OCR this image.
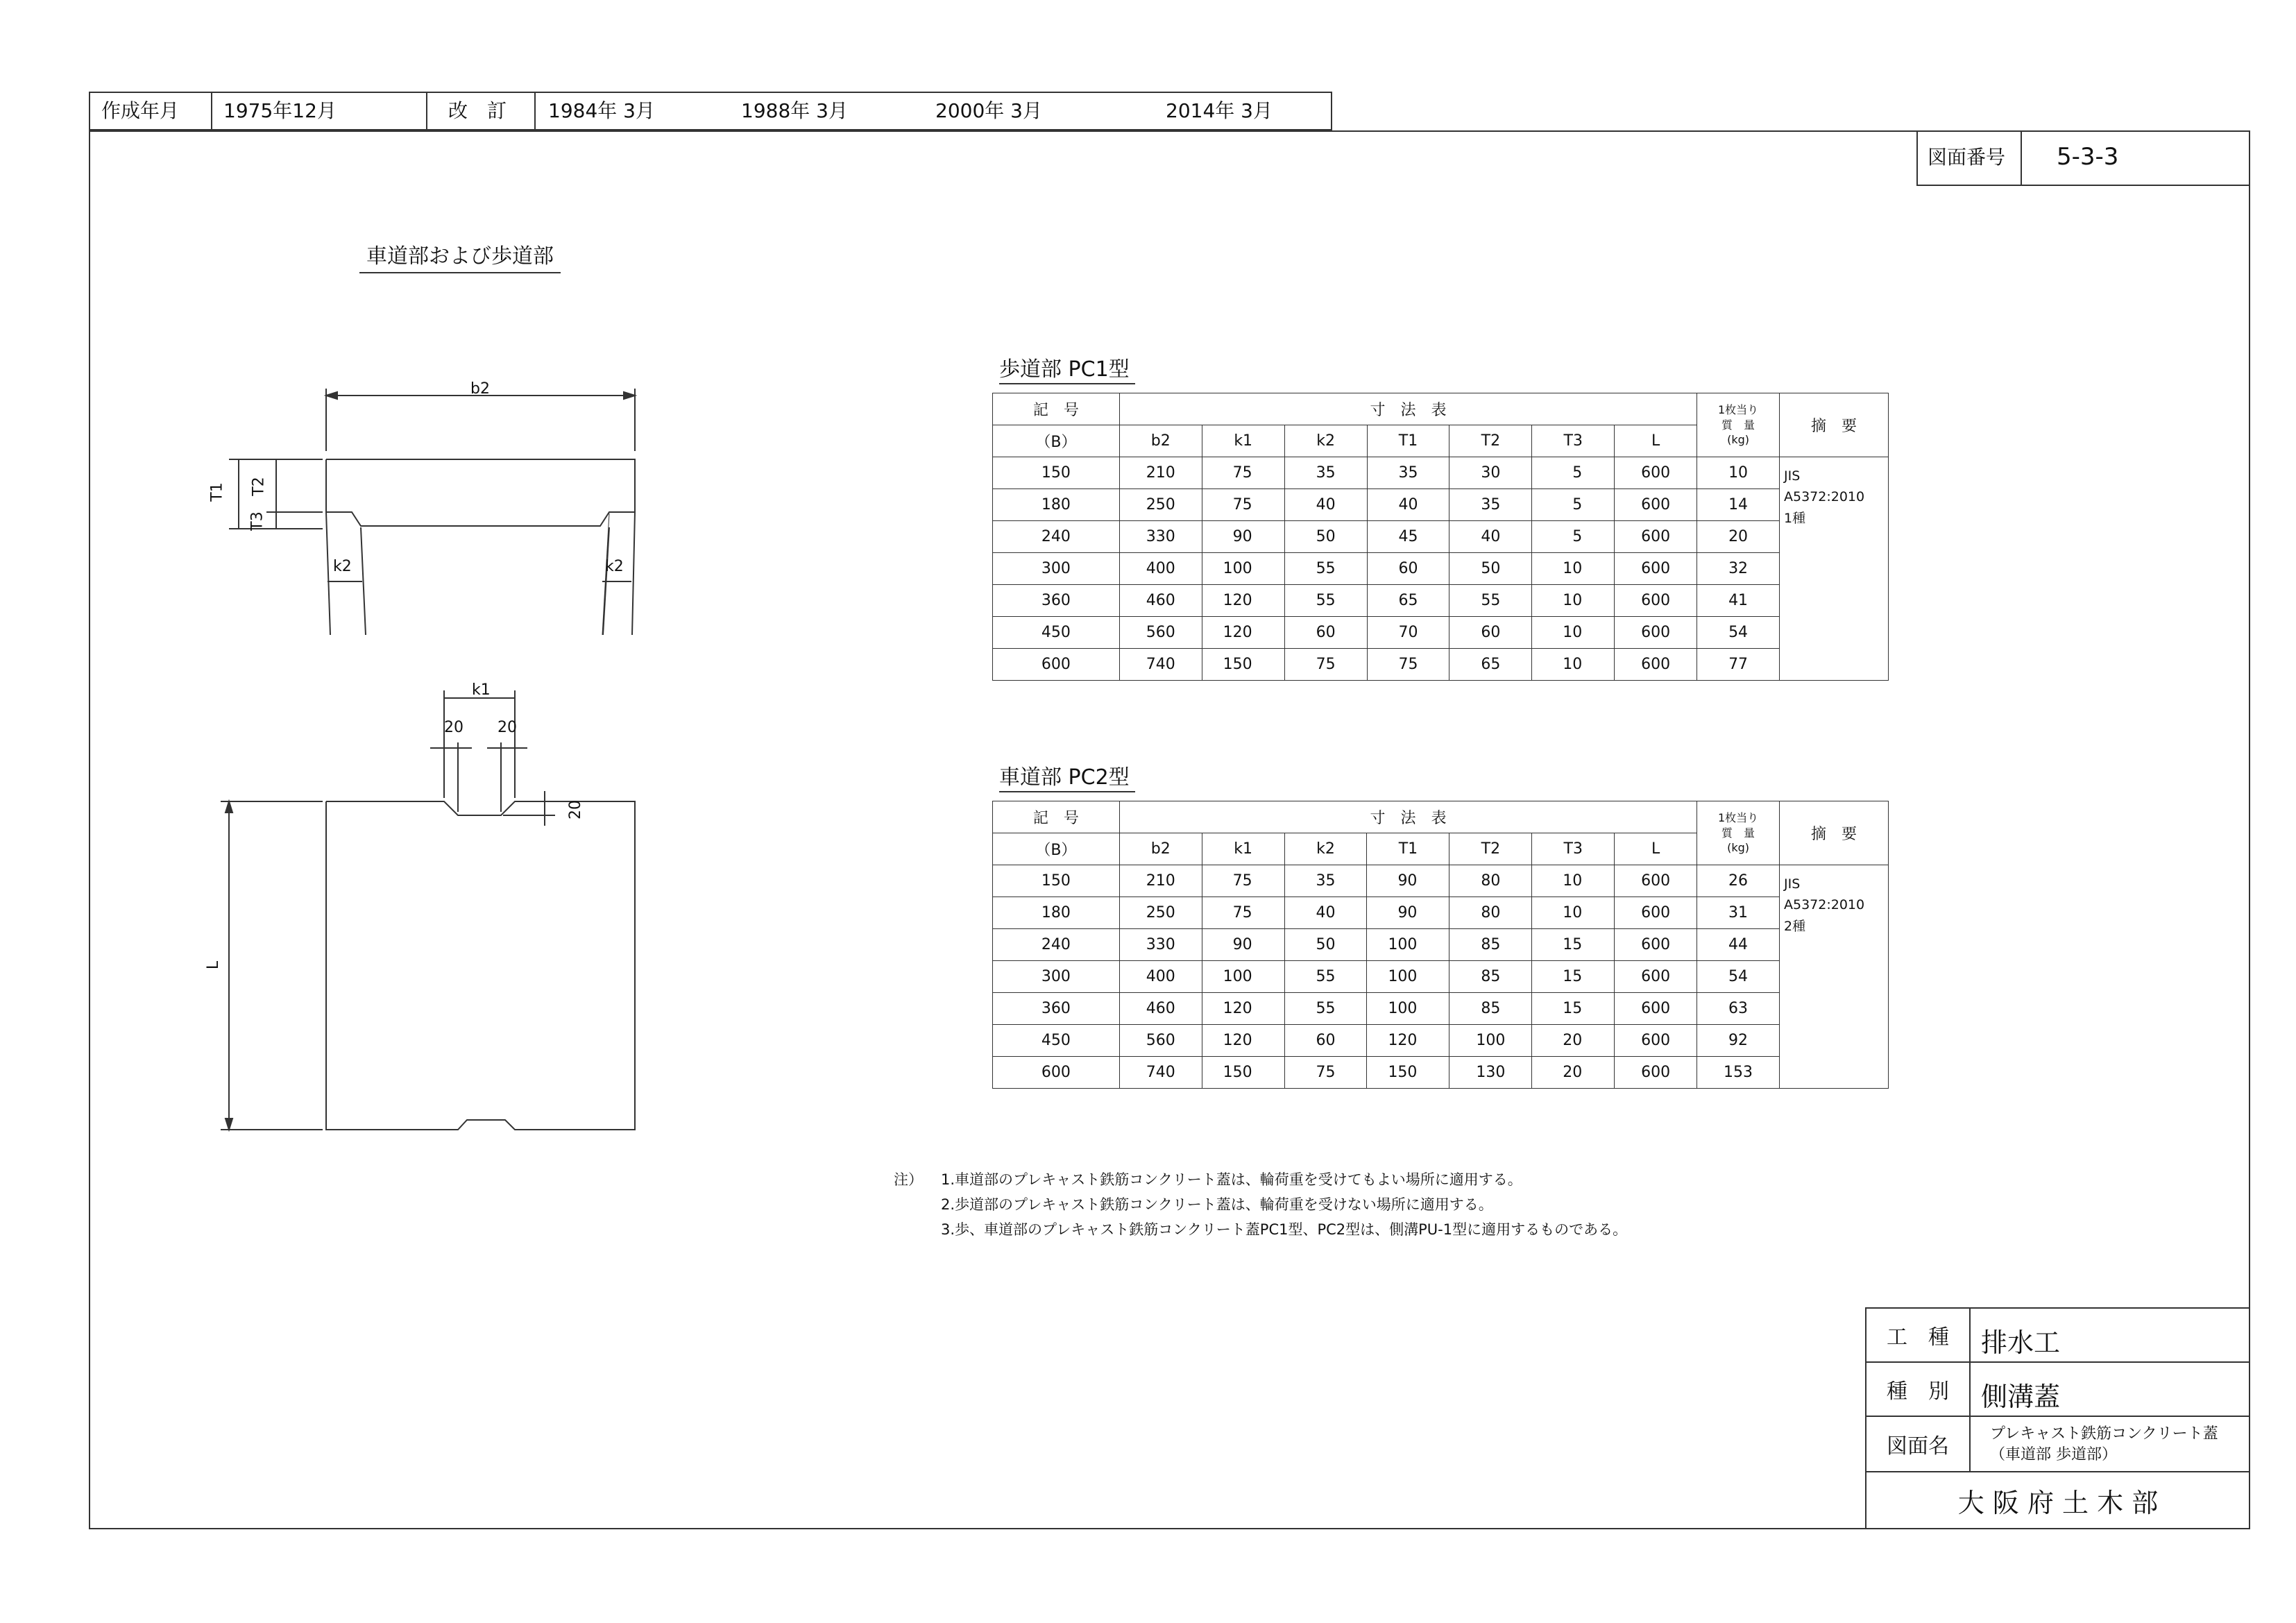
作成年月	1975年12月	改　訂	1984年 3月	1988年 3月	2000年 3月	2014年 3月
図面番号 5-3-3
車道部および歩道部
b2
T1 T2
T3
k2	k2
k1
20 20
20
L
歩道部 PC1型
記　号	寸　法　表							1枚当り
質　量
(kg)	摘　要
（B）	b2	k1	k2	T1	T2	T3	L		
150	210	75	35	35	30	5	600	10	JIS A5372:2010
1種

180	250	75	40	40	35	5	600	14	
240	330	90	50	45	40	5	600	20	
300	400	100	55	60	50	10	600	32	
360	460	120	55	65	55	10	600	41	
450	560	120	60	70	60	10	600	54	
600	740	150	75	75	65	10	600	77	
車道部 PC2型
記　号	寸　法　表							1枚当り
質　量
(kg)	摘　要
（B）	b2	k1	k2	T1	T2	T3	L		
150	210	75	35	90	80	10	600	26	JIS A5372:2010
2種

180	250	75	40	90	80	10	600	31	
240	330	90	50	100	85	15	600	44	
300	400	100	55	100	85	15	600	54	
360	460	120	55	100	85	15	600	63	
450	560	120	60	120	100	20	600	92	
600	740	150	75	150	130	20	600	153	
注）	1.車道部のプレキャスト鉄筋コンクリート蓋は、輪荷重を受けてもよい場所に適用する。
2.歩道部のプレキャスト鉄筋コンクリート蓋は、輪荷重を受けない場所に適用する。
3.歩、車道部のプレキャスト鉄筋コンクリート蓋PC1型、PC2型は、側溝PU-1型に適用するものである。
工　種	排水工
種　別	側溝蓋
図面名
プレキャスト鉄筋コンクリート蓋
（車道部 歩道部）
大 阪 府 土 木 部
